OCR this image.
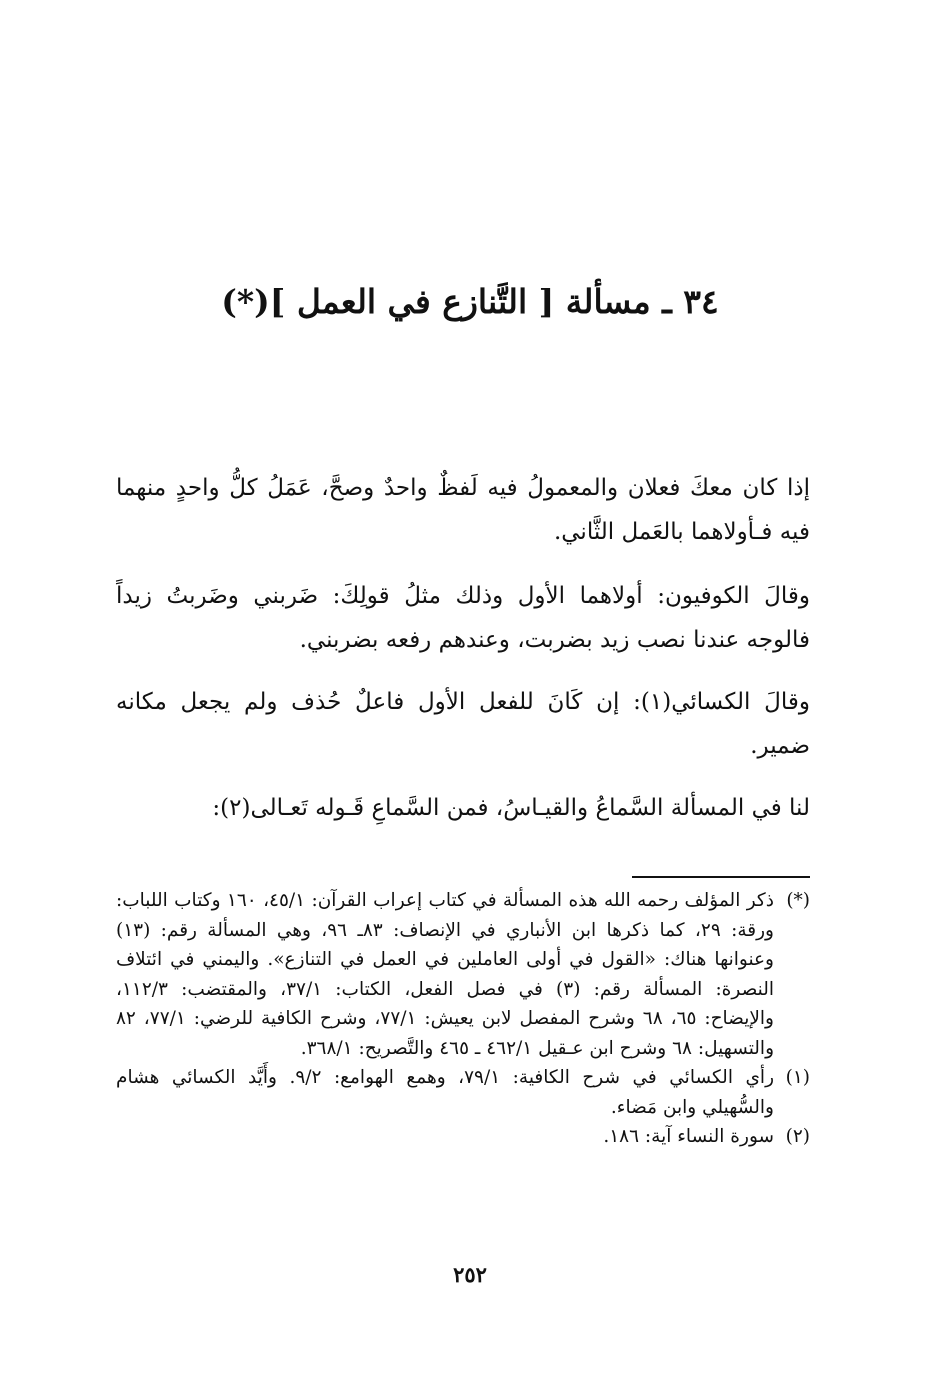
٣٤ ـ مسألة [ التَّنازع في العمل ](*)

إذا كان معكَ فعلان والمعمولُ فيه لَفظٌ واحدٌ وصحَّ، عَمَلُ كلُّ واحدٍ منهما فيه فـأولاهما بالعَمل الثَّاني.

وقالَ الكوفيون: أولاهما الأول وذلك مثلُ قولِكَ: ضَربني وضَربتُ زيداً فالوجه عندنا نصب زيد بضربت، وعندهم رفعه بضربني.

وقالَ الكسائي(١): إن كَانَ للفعل الأول فاعلٌ حُذف ولم يجعل مكانه ضمير.

لنا في المسألة السَّماعُ والقيـاسُ، فمن السَّماعِ قَـوله تَعـالى(٢):

(*)
ذكر المؤلف رحمه الله هذه المسألة في كتاب إعراب القرآن: ٤٥/١، ١٦٠ وكتاب اللباب: ورقة: ٢٩، كما ذكرها ابن الأنباري في الإنصاف: ٨٣ـ ٩٦، وهي المسألة رقم: (١٣) وعنوانها هناك: «القول في أولى العاملين في العمل في التنازع». واليمني في ائتلاف النصرة: المسألة رقم: (٣) في فصل الفعل، الكتاب: ٣٧/١، والمقتضب: ١١٢/٣، والإيضاح: ٦٥، ٦٨ وشرح المفصل لابن يعيش: ٧٧/١، وشرح الكافية للرضي: ٧٧/١، ٨٢ والتسهيل: ٦٨ وشرح ابن عـقيل ٤٦٢/١ ـ ٤٦٥ والتَّصريح: ٣٦٨/١.

(١)
رأي الكسائي في شرح الكافية: ٧٩/١، وهمع الهوامع: ٩/٢. وأَيَّد الكسائي هشام والسُّهيلي وابن مَضاء.

(٢)
سورة النساء آية: ١٨٦.

٢٥٢
